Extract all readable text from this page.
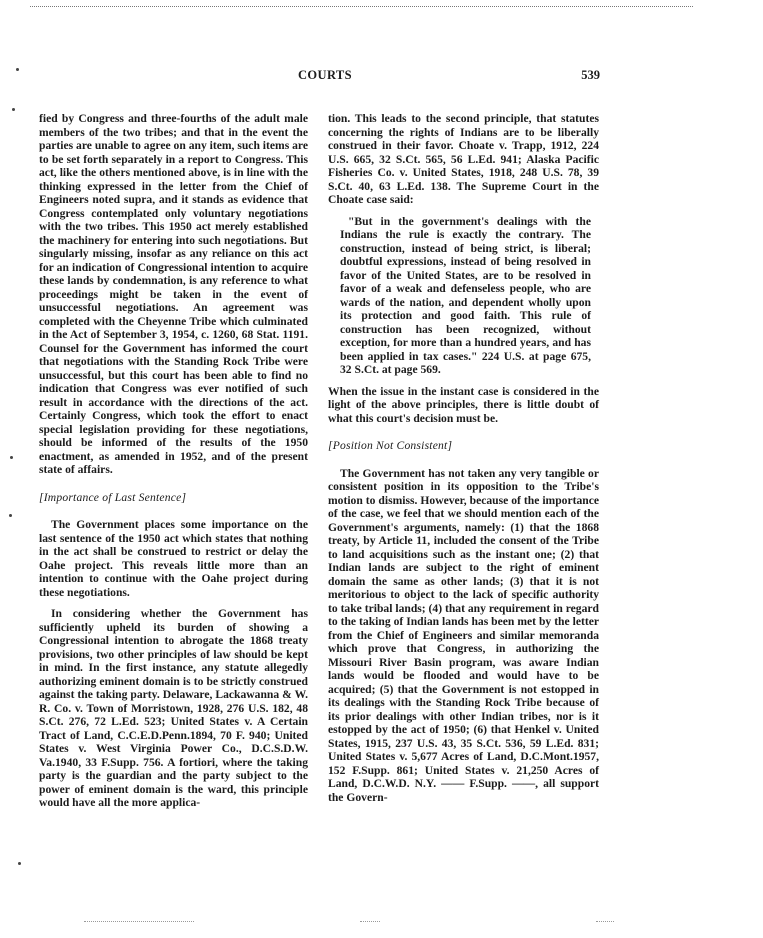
COURTS	539

fied by Congress and three-fourths of the adult male members of the two tribes; and that in the event the parties are unable to agree on any item, such items are to be set forth separately in a report to Congress. This act, like the others mentioned above, is in line with the thinking expressed in the letter from the Chief of Engineers noted supra, and it stands as evidence that Congress contemplated only voluntary negotiations with the two tribes. This 1950 act merely established the machinery for entering into such negotiations. But singularly missing, insofar as any reliance on this act for an indication of Congressional intention to acquire these lands by condemnation, is any reference to what proceedings might be taken in the event of unsuccessful negotiations. An agreement was completed with the Cheyenne Tribe which culminated in the Act of September 3, 1954, c. 1260, 68 Stat. 1191. Counsel for the Government has informed the court that negotiations with the Standing Rock Tribe were unsuccessful, but this court has been able to find no indication that Congress was ever notified of such result in accordance with the directions of the act. Certainly Congress, which took the effort to enact special legislation providing for these negotiations, should be informed of the results of the 1950 enactment, as amended in 1952, and of the present state of affairs.

[Importance of Last Sentence]

The Government places some importance on the last sentence of the 1950 act which states that nothing in the act shall be construed to restrict or delay the Oahe project. This reveals little more than an intention to continue with the Oahe project during these negotiations.

In considering whether the Government has sufficiently upheld its burden of showing a Congressional intention to abrogate the 1868 treaty provisions, two other principles of law should be kept in mind. In the first instance, any statute allegedly authorizing eminent domain is to be strictly construed against the taking party. Delaware, Lackawanna & W. R. Co. v. Town of Morristown, 1928, 276 U.S. 182, 48 S.Ct. 276, 72 L.Ed. 523; United States v. A Certain Tract of Land, C.C.E.D.Penn.1894, 70 F. 940; United States v. West Virginia Power Co., D.C.S.D.W. Va.1940, 33 F.Supp. 756. A fortiori, where the taking party is the guardian and the party subject to the power of eminent domain is the ward, this principle would have all the more applica-

tion. This leads to the second principle, that statutes concerning the rights of Indians are to be liberally construed in their favor. Choate v. Trapp, 1912, 224 U.S. 665, 32 S.Ct. 565, 56 L.Ed. 941; Alaska Pacific Fisheries Co. v. United States, 1918, 248 U.S. 78, 39 S.Ct. 40, 63 L.Ed. 138. The Supreme Court in the Choate case said:

"But in the government's dealings with the Indians the rule is exactly the contrary. The construction, instead of being strict, is liberal; doubtful expressions, instead of being resolved in favor of the United States, are to be resolved in favor of a weak and defenseless people, who are wards of the nation, and dependent wholly upon its protection and good faith. This rule of construction has been recognized, without exception, for more than a hundred years, and has been applied in tax cases." 224 U.S. at page 675, 32 S.Ct. at page 569.

When the issue in the instant case is considered in the light of the above principles, there is little doubt of what this court's decision must be.

[Position Not Consistent]

The Government has not taken any very tangible or consistent position in its opposition to the Tribe's motion to dismiss. However, because of the importance of the case, we feel that we should mention each of the Government's arguments, namely: (1) that the 1868 treaty, by Article 11, included the consent of the Tribe to land acquisitions such as the instant one; (2) that Indian lands are subject to the right of eminent domain the same as other lands; (3) that it is not meritorious to object to the lack of specific authority to take tribal lands; (4) that any requirement in regard to the taking of Indian lands has been met by the letter from the Chief of Engineers and similar memoranda which prove that Congress, in authorizing the Missouri River Basin program, was aware Indian lands would be flooded and would have to be acquired; (5) that the Government is not estopped in its dealings with the Standing Rock Tribe because of its prior dealings with other Indian tribes, nor is it estopped by the act of 1950; (6) that Henkel v. United States, 1915, 237 U.S. 43, 35 S.Ct. 536, 59 L.Ed. 831; United States v. 5,677 Acres of Land, D.C.Mont.1957, 152 F.Supp. 861; United States v. 21,250 Acres of Land, D.C.W.D. N.Y. —— F.Supp. ——, all support the Govern-
